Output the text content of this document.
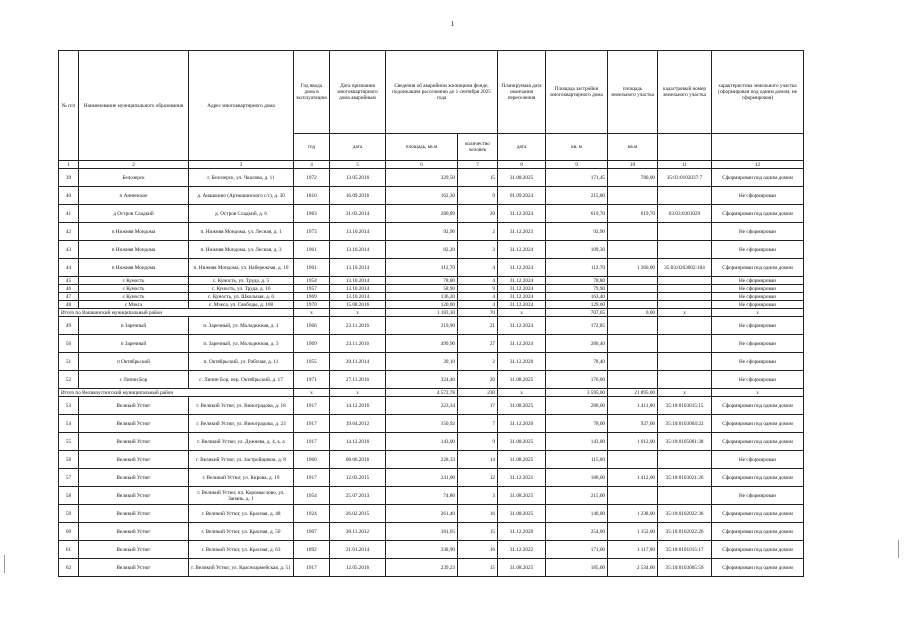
1
№ п/п	Наименование муниципального образования	Адрес многоквартирного дома	Год ввода дома в эксплуатацию	Дата признания многоквартирного дома аварийным	Сведения об аварийном жилищном фонде, подлежащем расселению до 1 сентября 2025 года		Планируемая дата окончания переселения	Площадь застройки многоквартирного дома	площадь земельного участка	кадастровый номер земельного участка	характеристика земельного участка (сформирован под одним домом, не сформирован)
			год	дата	площадь, кв.м	количество человек	дата	кв. м	кв.м		
1	2	3	4	5	6	7	8	9	10	11	12
39	Белозерск	г. Белозерск, ул. Чкалова, д. 11	1972	13.05.2016	329,50	15	31.08.2025	171,45	780,00	35:03:0102037:7	Сформирован под одним домом
40	п Анненское	д. Анашкино (Артюшинского с/с), д. 30	1810	16.09.2016	162,30	9	01.09.2024	215,80			Не сформирован
41	д Остров Сладкий	д. Остров Сладкий, д. 6	1983	31.03.2014	280,89	20	31.12.2024	619,70	619,70	03:03:0301029	Сформирован под одним домом
42	п Нижняя Мондома	п. Нижняя Мондома, ул. Лесная, д. 1	1973	13.10.2014	92,90	2	31.12.2023	92,90			Не сформирован
43	п Нижняя Мондома	п. Нижняя Мондома, ул. Лесная, д. 3	1961	13.10.2014	82,20	3	31.12.2024	109,30			Не сформирован
44	п Нижняя Мондома	п. Нижняя Мондома, ул. Набережная, д. 10	1961	13.10.2014	112,70	4	31.12.2024	112,70	1 360,00	35:03:0203002:184	Сформирован под одним домом
45	с Куность	с. Куность, ул. Труда, д. 5	1954	13.10.2014	78,80	4	31.12.2024	78,80			Не сформирован
46	с Куность	с. Куность, ул. Труда, д. 16	1957	13.10.2014	58,90	9	31.12.2024	79,90			Не сформирован
47	с Куность	с. Куность, ул. Школьная, д. 6	1969	13.10.2014	136,20	4	31.12.2024	163,40			Не сформирован
48	с Мэкса	с. Мэкса, ул. Свободы, д. 108	1970	15.08.2016	120,00	4	31.12.2024	129,00			Не сформирован
Итого по Вашкинский муниципальный район			x	x	1 183,30	70	x	707,65	0,00	x	x
49	п Заречный	п. Заречный, ул. Молодежная, д. 1	1966	23.11.2016	319,90	21	31.12.2024	172,85			Не сформирован
50	п Заречный	п. Заречный, ул. Молодежная, д. 3	1969	23.11.2016	499,90	27	31.12.2024	280,40			Не сформирован
51	п Октябрьский	п. Октябрьский, ул. Рабочая, д. 11	1955	20.11.2014	39,10	2	31.12.2020	78,40			Не сформирован
52	с Липин Бор	с. Липин Бор, пер. Октябрьский, д. 17	1971	27.11.2016	324,40	20	31.08.2025	176,00			Не сформирован
Итого по Великоустюгский муниципальный район			x	x	4 572,78	230	x	3 595,00	21 895,00	x	x
53	Великий Устюг	г. Великий Устюг, ул. Виноградова, д. 18	1917	14.12.2016	323,34	17	31.08.2025	280,00	1 411,00	35:10:0103015:15	Сформирован под одним домом
54	Великий Устюг	г. Великий Устюг, ул. Виноградова, д. 23	1917	19.04.2012	150,92	7	31.12.2020	78,00	927,00	35:10:0103004:22	Сформирован под одним домом
55	Великий Устюг	г. Великий Устюг, ул. Дежнева, д. 4, к. а	1917	14.12.2016	143,00	9	31.08.2025	143,00	1 012,00	35:10:0105001:38	Сформирован под одним домом
56	Великий Устюг	г. Великий Устюг, ул. Застройщиков, д. 8	1960	08.06.2016	228,33	14	31.08.2025	115,00			Не сформирован
57	Великий Устюг	г. Великий Устюг, ул. Кирова, д. 19	1917	12.03.2015	241,00	12	31.12.2021	180,00	1 412,00	35:10:0103021:26	Сформирован под одним домом
58	Великий Устюг	г. Великий Устюг, пл. Коромыслово, ул. Запань, д. 1	1954	25.07.2013	74,80	3	31.08.2025	215,00			Не сформирован
59	Великий Устюг	г. Великий Устюг, ул. Красная, д. 48	1924	26.02.2015	261,40	16	31.08.2025	140,00	1 238,00	35:10:0102022:36	Сформирован под одним домом
60	Великий Устюг	г. Великий Устюг, ул. Красная, д. 50	1907	30.11.2012	181,65	15	31.12.2020	254,00	1 152,00	35:10:0102022:26	Сформирован под одним домом
61	Великий Устюг	г. Великий Устюг, ул. Красная, д. 63	1892	21.01.2014	338,90	16	31.12.2022	171,00	1 117,00	35:10:0101015:17	Сформирован под одним домом
62	Великий Устюг	г. Великий Устюг, ул. Красноармейская, д. 51	1917	12.05.2016	239,23	15	31.08.2025	185,00	2 534,00	35:10:0103005:59	Сформирован под одним домом
